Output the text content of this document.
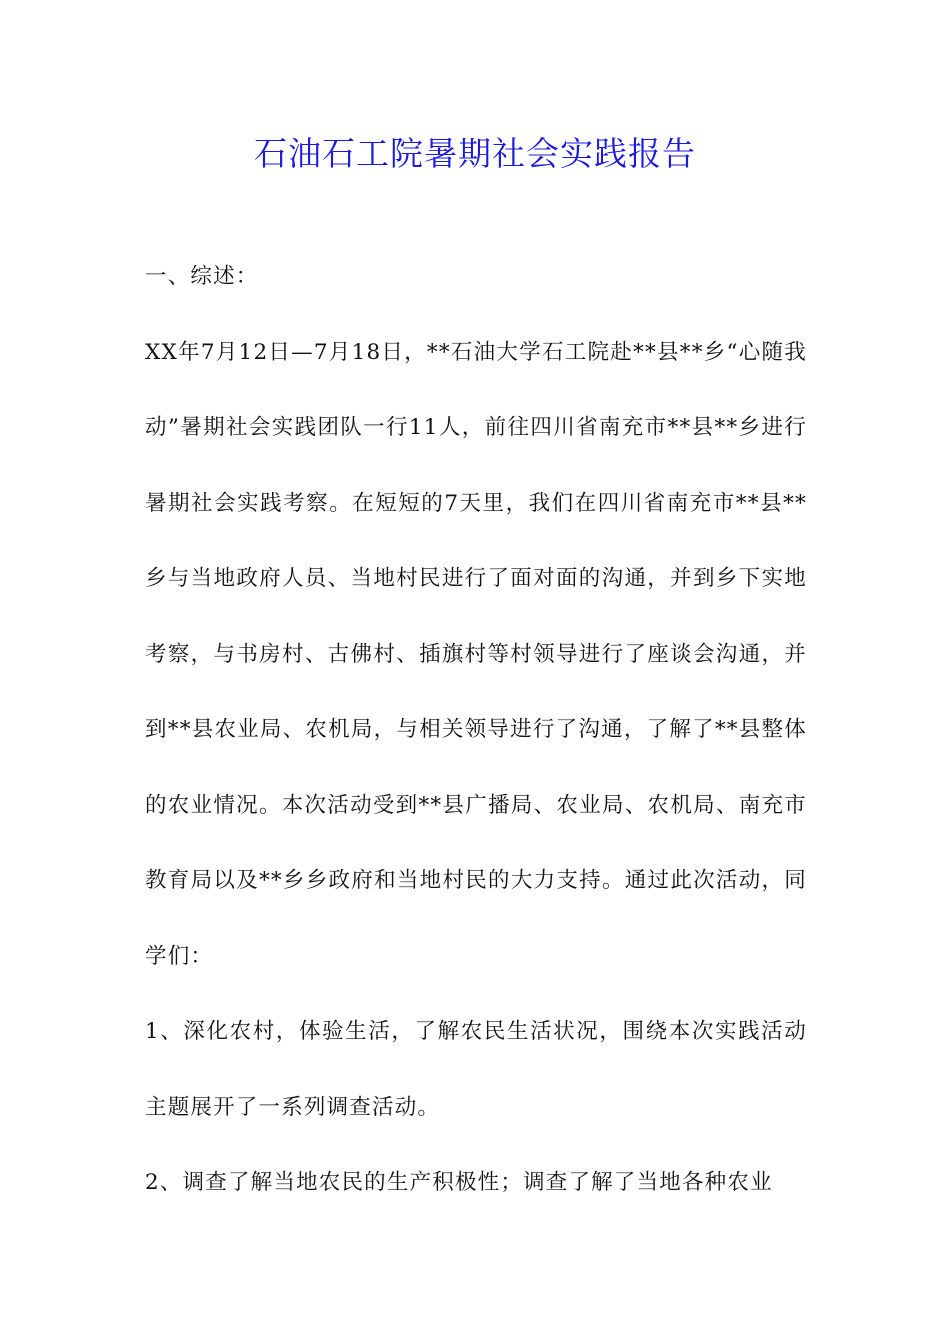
石油石工院暑期社会实践报告

一、综述：

XX年7月12日—7月18日，**石油大学石工院赴**县**乡“心随我动”暑期社会实践团队一行11人，前往四川省南充市**县**乡进行暑期社会实践考察。在短短的7天里，我们在四川省南充市**县**乡与当地政府人员、当地村民进行了面对面的沟通，并到乡下实地考察，与书房村、古佛村、插旗村等村领导进行了座谈会沟通，并到**县农业局、农机局，与相关领导进行了沟通，了解了**县整体的农业情况。本次活动受到**县广播局、农业局、农机局、南充市教育局以及**乡乡政府和当地村民的大力支持。通过此次活动，同学们：

1、深化农村，体验生活，了解农民生活状况，围绕本次实践活动主题展开了一系列调查活动。

2、调查了解当地农民的生产积极性；调查了解了当地各种农业
